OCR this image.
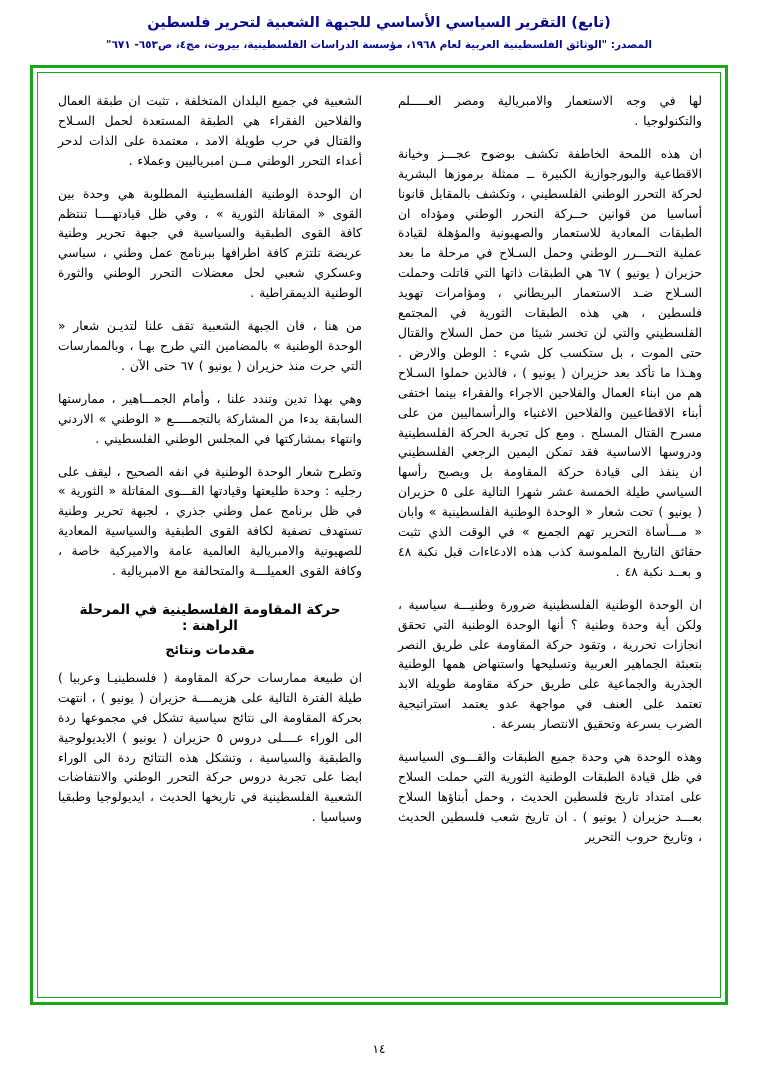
(تابع) التقرير السياسي الأساسي للجبهة الشعبية لتحرير فلسطين
المصدر: "الوثائق الفلسطينية العربية لعام ١٩٦٨، مؤسسة الدراسات الفلسطينية، بيروت، مج٤، ص٦٥٣- ٦٧١"

لها في وجه الاستعمار والامبريالية ومصر العـــــلم والتكنولوجيا .

ان هذه اللمحة الخاطفة تكشف بوضوح عجـــز وخيانة الاقطاعية والبورجوازية الكبيرة ــ ممثلة برموزها البشرية لحركة التحرر الوطني الفلسطيني ، وتكشف بالمقابل قانونا أساسيا من قوانين حــركة التحرر الوطني ومؤداه ان الطبقات المعادية للاستعمار والصهيونية والمؤهلة لقيادة عملية التحـــرر الوطني وحمل السـلاح في مرحلة ما بعد حزيران ( يونيو ) ٦٧ هي الطبقات ذاتها التي قاتلت وحملت السـلاح ضـد الاستعمار البريطاني ، ومؤامرات تهويد فلسطين ، هي هذه الطبقات الثورية في المجتمع الفلسطيني والتي لن تخسر شيئا من حمل السلاح والقتال حتى الموت ، بل ستكسب كل شيء : الوطن والارض . وهـذا ما تأكد بعد حزيران ( يونيو ) ، فالذين حملوا السـلاح هم من ابناء العمال والفلاحين الاجراء والفقراء بينما اختفى أبناء الاقطاعيين والفلاحين الاغنياء والرأسماليين من على مسرح القتال المسلح . ومع كل تجربة الحركة الفلسطينية ودروسها الاساسية فقد تمكن اليمين الرجعي الفلسطيني ان ينفذ الى قيادة حركة المقاومة بل ويصبح رأسها السياسي طيلة الخمسة عشر شهرا التالية على ٥ حزيران ( يونيو ) تحت شعار « الوحدة الوطنية الفلسطينية » وابان « مـــأساة التحرير تهم الجميع » في الوقت الذي تثبت حقائق التاريخ الملموسة كذب هذه الادعاءات قبل نكبة ٤٨ و بعــد نكبة ٤٨ .

ان الوحدة الوطنية الفلسطينية ضرورة وطنيـــة سياسية ، ولكن أية وحدة وطنية ؟ أنها الوحدة الوطنية التي تحقق انجازات تحررية ، وتقود حركة المقاومة على طريق النصر بتعبئة الجماهير العربية وتسليحها واستنهاض همها الوطنية الجذرية والجماعية على طريق حركة مقاومة طويلة الابد تعتمد على العنف في مواجهة عدو يعتمد استراتيجية الضرب بسرعة وتحقيق الانتصار بسرعة .

وهذه الوحدة هي وحدة جميع الطبقات والقـــوى السياسية في ظل قيادة الطبقات الوطنية الثورية التي حملت السلاح على امتداد تاريخ فلسطين الحديث ، وحمل أبناؤها السلاح بعـــد حزيران ( يونيو ) . ان تاريخ شعب فلسطين الحديث ، وتاريخ حروب التحرير

الشعبية في جميع البلدان المتخلفة ، تثبت ان طبقة العمال والفلاحين الفقراء هي الطبقة المستعدة لحمل السـلاح والقتال في حرب طويلة الامد ، معتمدة على الذات لدحر أعداء التحرر الوطني مــن امبرياليين وعملاء .

ان الوحدة الوطنية الفلسطينية المطلوبة هي وحدة بين القوى « المقاتلة الثورية » ، وفي ظل قيادتهــــا تنتظم كافة القوى الطبقية والسياسية في جبهة تحرير وطنية عريضة تلتزم كافة اطرافها ببرنامج عمل وطني ، سياسي وعسكري شعبي لحل معضلات التحرر الوطني والثورة الوطنية الديمقراطية .

من هنا ، فان الجبهة الشعبية تقف علنا لتديـن شعار « الوحدة الوطنية » بالمضامين التي طرح بهـا ، وبالممارسات التي جرت منذ حزيران ( يونيو ) ٦٧ حتى الآن .

وهي بهذا تدين وتندد علنا ، وأمام الجمـــاهير ، ممارستها السابقة بدءا من المشاركة بالتجمـــــع « الوطني » الاردني وانتهاء بمشاركتها في المجلس الوطني الفلسطيني .

وتطرح شعار الوحدة الوطنية في انفه الصحيح ، ليقف على رجليه : وحدة طليعتها وقيادتها القـــوى المقاتلة « الثورية » في ظل برنامج عمل وطني جذري ، لجبهة تحرير وطنية تستهدف تصفية لكافة القوى الطبقية والسياسية المعادية للصهيونية والامبريالية العالمية عامة والاميركية خاصة ، وكافة القوى العميلـــة والمتحالفة مع الامبريالية .

حركة المقاومة الفلسطينية في المرحلة الراهنة :
مقدمات ونتائج

ان طبيعة ممارسات حركة المقاومة ( فلسطينيـا وعربيا ) طيلة الفترة التالية على هزيمــــة حزيران ( يونيو ) ، انتهت بحركة المقاومة الى نتائج سياسية تشكل في مجموعها ردة الى الوراء عــــلى دروس ٥ حزيران ( يونيو ) الايديولوجية والطبقية والسياسية ، وتشكل هذه النتائج ردة الى الوراء ايضا على تجربة دروس حركة التحرر الوطني والانتفاضات الشعبية الفلسطينية في تاريخها الحديث ، ايديولوجيا وطبقيا وسياسيا .

١٤
